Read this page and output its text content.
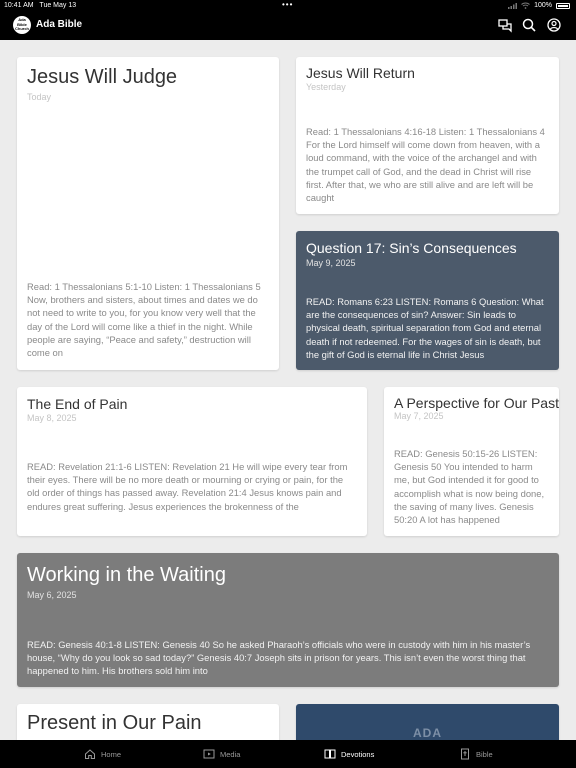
10:41 AM Tue May 13	•••	100%
Ada
Bible
Church Ada Bible
Jesus Will Judge
Today
Read: 1 Thessalonians 5:1-10 Listen: 1 Thessalonians 5 Now, brothers and sisters, about times and dates we do not need to write to you, for you know very well that the day of the Lord will come like a thief in the night. While people are saying, “Peace and safety,” destruction will come on
Jesus Will Return
Yesterday
Read: 1 Thessalonians 4:16-18 Listen: 1 Thessalonians 4 For the Lord himself will come down from heaven, with a loud command, with the voice of the archangel and with the trumpet call of God, and the dead in Christ will rise first. After that, we who are still alive and are left will be caught
Question 17: Sin’s Consequences
May 9, 2025
READ: Romans 6:23 LISTEN: Romans 6 Question: What are the consequences of sin? Answer: Sin leads to physical death, spiritual separation from God and eternal death if not redeemed. For the wages of sin is death, but the gift of God is eternal life in Christ Jesus
The End of Pain
May 8, 2025
READ: Revelation 21:1-6 LISTEN: Revelation 21 He will wipe every tear from their eyes. There will be no more death or mourning or crying or pain, for the old order of things has passed away. Revelation 21:4 Jesus knows pain and endures great suffering. Jesus experiences the brokenness of the
A Perspective for Our Past
May 7, 2025
READ: Genesis 50:15-26 LISTEN: Genesis 50 You intended to harm me, but God intended it for good to accomplish what is now being done, the saving of many lives. Genesis 50:20 A lot has happened
Working in the Waiting
May 6, 2025
READ: Genesis 40:1-8 LISTEN: Genesis 40 So he asked Pharaoh’s officials who were in custody with him in his master’s house, “Why do you look so sad today?” Genesis 40:7 Joseph sits in prison for years. This isn’t even the worst thing that happened to him. His brothers sold him into
Present in Our Pain	ADA
Home	Media	Devotions	Bible
